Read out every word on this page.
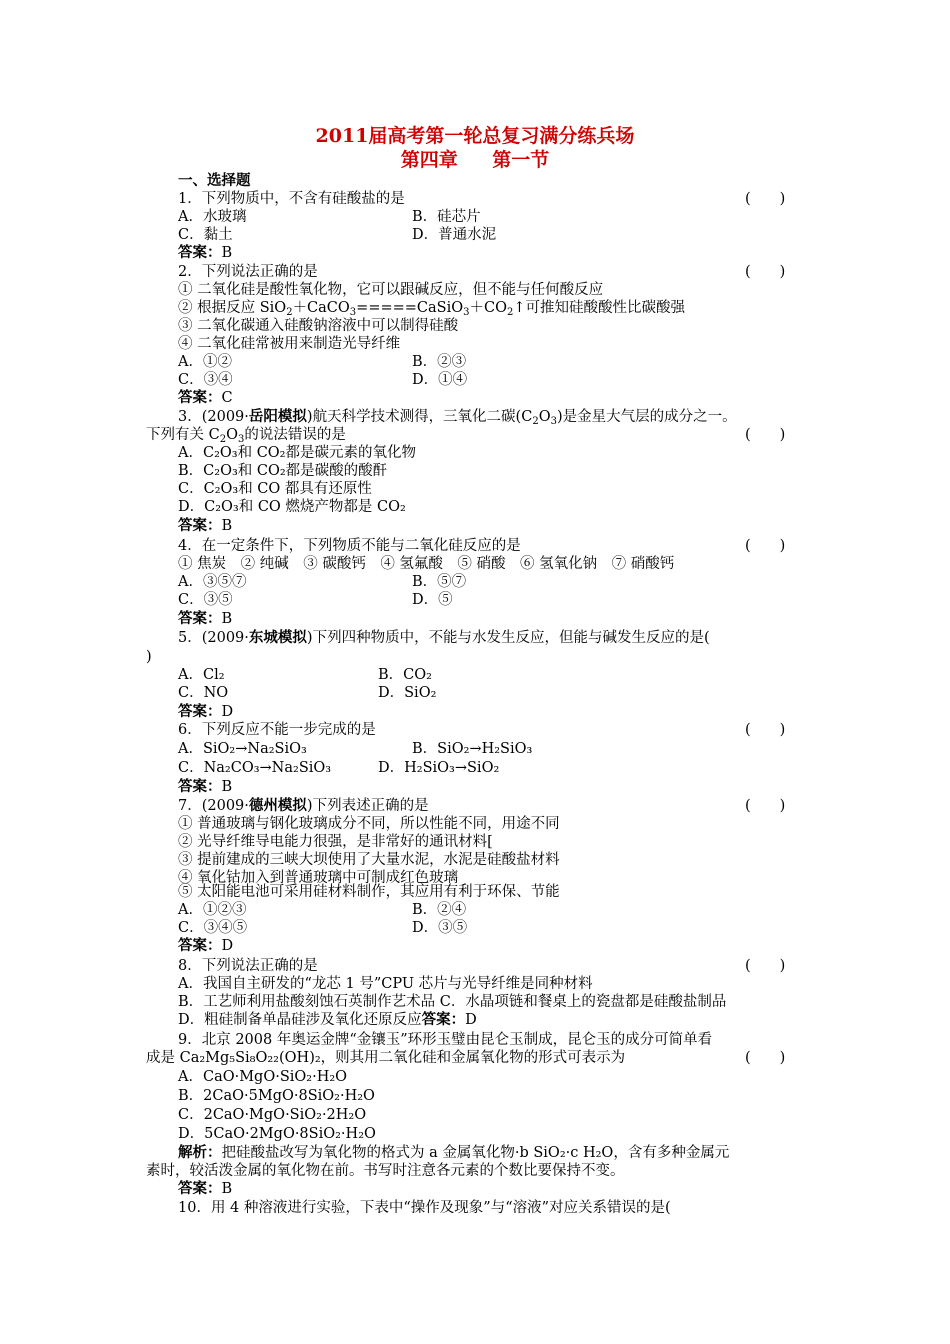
2011届高考第一轮总复习满分练兵场
第四章 第一节
一、选择题
1．下列物质中，不含有硅酸盐的是	(　　)
A．水玻璃	B．硅芯片
C．黏土	D．普通水泥
答案：B
2．下列说法正确的是	(　　)
① 二氧化硅是酸性氧化物，它可以跟碱反应，但不能与任何酸反应
② 根据反应 $SiO_2+CaCO_3=====CaSiO_3+CO_2↑$可推知硅酸酸性比碳酸强
③ 二氧化碳通入硅酸钠溶液中可以制得硅酸
④ 二氧化硅常被用来制造光导纤维
A．①②	B．②③
C．③④	D．①④
答案：C
3．(2009·岳阳模拟)航天科学技术测得，三氧化二碳$(C_2O_3)$是金星大气层的成分之一。
下列有关 $C_2O_3$的说法错误的是	(　　)
A．C₂O₃和 CO₂都是碳元素的氧化物
B．C₂O₃和 CO₂都是碳酸的酸酐
C．C₂O₃和 CO 都具有还原性
D．C₂O₃和 CO 燃烧产物都是 CO₂
答案：B
4．在一定条件下，下列物质不能与二氧化硅反应的是	(　　)
① 焦炭　② 纯碱　③ 碳酸钙　④ 氢氟酸　⑤ 硝酸　⑥ 氢氧化钠　⑦ 硝酸钙
A．③⑤⑦	B．⑤⑦
C．③⑤	D．⑤
答案：B
5．(2009·东城模拟)下列四种物质中，不能与水发生反应，但能与碱发生反应的是(
)
A．Cl₂	B．CO₂
C．NO	D．SiO₂
答案：D
6．下列反应不能一步完成的是	(　　)
A．SiO₂→Na₂SiO₃	B．SiO₂→H₂SiO₃
C．Na₂CO₃→Na₂SiO₃	D．H₂SiO₃→SiO₂
答案：B
7．(2009·德州模拟)下列表述正确的是	(　　)
① 普通玻璃与钢化玻璃成分不同，所以性能不同，用途不同
② 光导纤维导电能力很强，是非常好的通讯材料[
③ 提前建成的三峡大坝使用了大量水泥，水泥是硅酸盐材料
④ 氧化钴加入到普通玻璃中可制成红色玻璃
⑤ 太阳能电池可采用硅材料制作，其应用有利于环保、节能
A．①②③	B．②④
C．③④⑤	D．③⑤
答案：D
8．下列说法正确的是	(　　)
A．我国自主研发的“龙芯 1 号”CPU 芯片与光导纤维是同种材料
B．工艺师利用盐酸刻蚀石英制作艺术品 C．水晶项链和餐桌上的瓷盘都是硅酸盐制品
D．粗硅制备单晶硅涉及氧化还原反应答案：D
9．北京 2008 年奥运金牌“金镶玉”环形玉璧由昆仑玉制成，昆仑玉的成分可简单看
成是 Ca₂Mg₅Si₈O₂₂(OH)₂，则其用二氧化硅和金属氧化物的形式可表示为	(　　)
A．CaO·MgO·SiO₂·H₂O
B．2CaO·5MgO·8SiO₂·H₂O
C．2CaO·MgO·SiO₂·2H₂O
D．5CaO·2MgO·8SiO₂·H₂O
解析：把硅酸盐改写为氧化物的格式为 a 金属氧化物·b SiO₂·c H₂O，含有多种金属元
素时，较活泼金属的氧化物在前。书写时注意各元素的个数比要保持不变。
答案：B
10．用 4 种溶液进行实验，下表中“操作及现象”与“溶液”对应关系错误的是(
